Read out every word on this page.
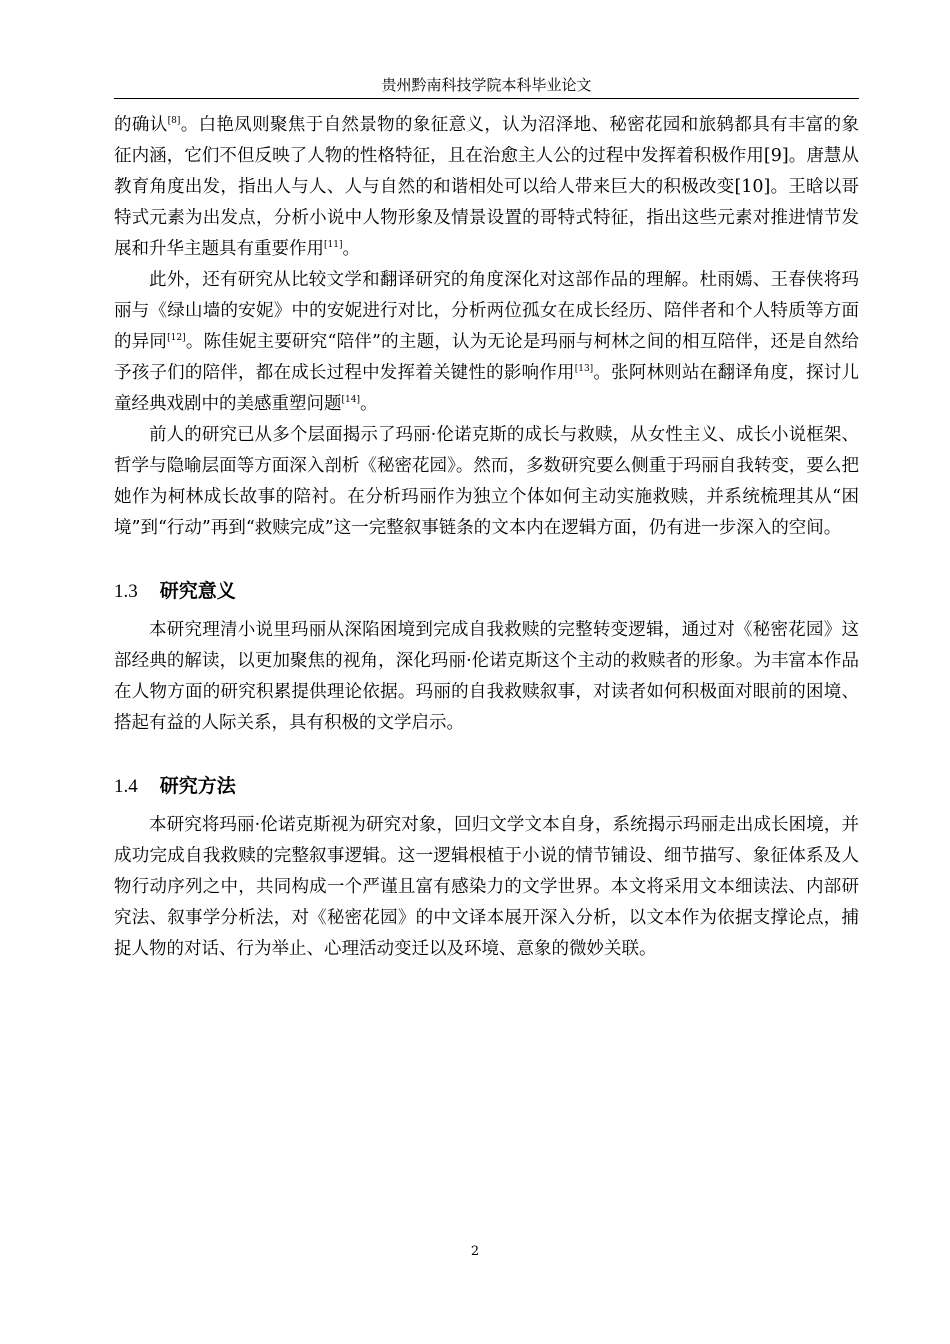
贵州黔南科技学院本科毕业论文

的确认[8]。白艳凤则聚焦于自然景物的象征意义，认为沼泽地、秘密花园和旅鸫都具有丰富的象征内涵，它们不但反映了人物的性格特征，且在治愈主人公的过程中发挥着积极作用[9]。唐慧从教育角度出发，指出人与人、人与自然的和谐相处可以给人带来巨大的积极改变[10]。王晗以哥特式元素为出发点，分析小说中人物形象及情景设置的哥特式特征，指出这些元素对推进情节发展和升华主题具有重要作用[11]。

此外，还有研究从比较文学和翻译研究的角度深化对这部作品的理解。杜雨嫣、王春侠将玛丽与《绿山墙的安妮》中的安妮进行对比，分析两位孤女在成长经历、陪伴者和个人特质等方面的异同[12]。陈佳妮主要研究“陪伴”的主题，认为无论是玛丽与柯林之间的相互陪伴，还是自然给予孩子们的陪伴，都在成长过程中发挥着关键性的影响作用[13]。张阿林则站在翻译角度，探讨儿童经典戏剧中的美感重塑问题[14]。

前人的研究已从多个层面揭示了玛丽·伦诺克斯的成长与救赎，从女性主义、成长小说框架、哲学与隐喻层面等方面深入剖析《秘密花园》。然而，多数研究要么侧重于玛丽自我转变，要么把她作为柯林成长故事的陪衬。在分析玛丽作为独立个体如何主动实施救赎，并系统梳理其从“困境”到“行动”再到“救赎完成”这一完整叙事链条的文本内在逻辑方面，仍有进一步深入的空间。

1.3 研究意义

本研究理清小说里玛丽从深陷困境到完成自我救赎的完整转变逻辑，通过对《秘密花园》这部经典的解读，以更加聚焦的视角，深化玛丽·伦诺克斯这个主动的救赎者的形象。为丰富本作品在人物方面的研究积累提供理论依据。玛丽的自我救赎叙事，对读者如何积极面对眼前的困境、搭起有益的人际关系，具有积极的文学启示。

1.4 研究方法

本研究将玛丽·伦诺克斯视为研究对象，回归文学文本自身，系统揭示玛丽走出成长困境，并成功完成自我救赎的完整叙事逻辑。这一逻辑根植于小说的情节铺设、细节描写、象征体系及人物行动序列之中，共同构成一个严谨且富有感染力的文学世界。本文将采用文本细读法、内部研究法、叙事学分析法，对《秘密花园》的中文译本展开深入分析，以文本作为依据支撑论点，捕捉人物的对话、行为举止、心理活动变迁以及环境、意象的微妙关联。

2
